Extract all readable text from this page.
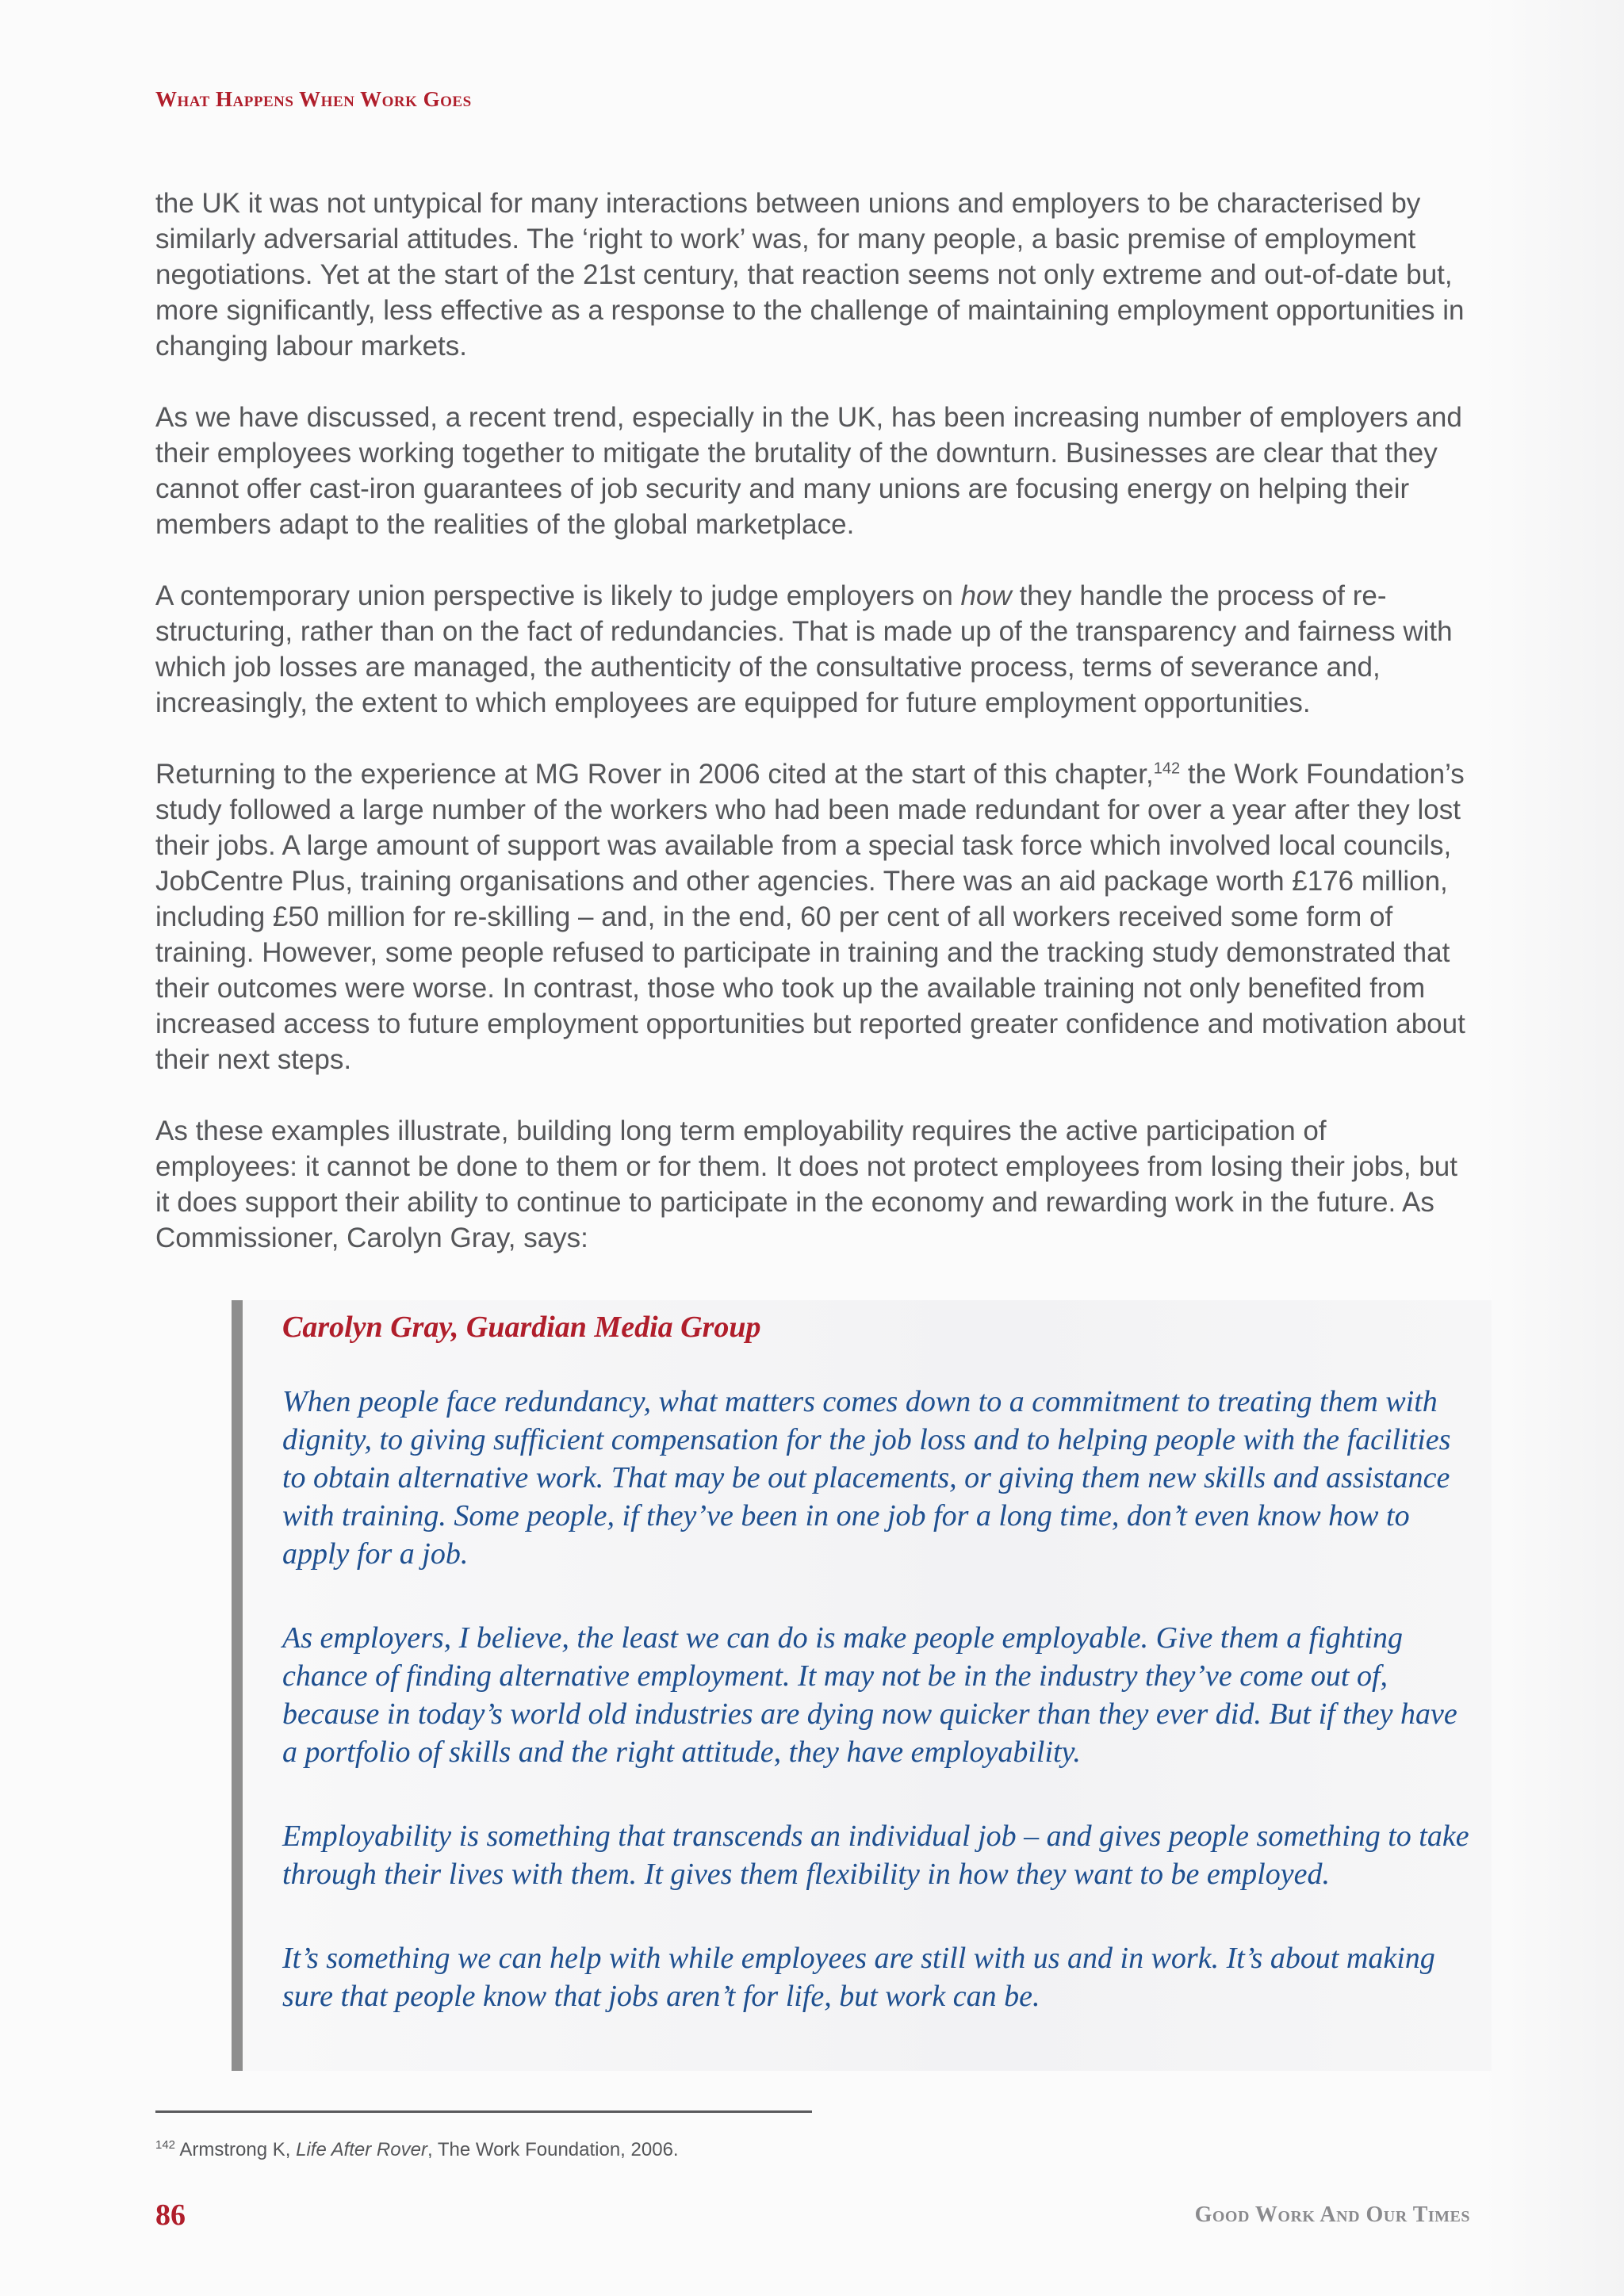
What Happens When Work Goes

the UK it was not untypical for many interactions between unions and employers to be characterised by similarly adversarial attitudes. The ‘right to work’ was, for many people, a basic premise of employment negotiations. Yet at the start of the 21st century, that reaction seems not only extreme and out-of-date but, more significantly, less effective as a response to the challenge of maintaining employment opportunities in changing labour markets.

As we have discussed, a recent trend, especially in the UK, has been increasing number of employers and their employees working together to mitigate the brutality of the downturn. Businesses are clear that they cannot offer cast-iron guarantees of job security and many unions are focusing energy on helping their members adapt to the realities of the global marketplace.

A contemporary union perspective is likely to judge employers on how they handle the process of re-structuring, rather than on the fact of redundancies. That is made up of the transparency and fairness with which job losses are managed, the authenticity of the consultative process, terms of severance and, increasingly, the extent to which employees are equipped for future employment opportunities.

Returning to the experience at MG Rover in 2006 cited at the start of this chapter,$^{142}$ the Work Foundation’s study followed a large number of the workers who had been made redundant for over a year after they lost their jobs. A large amount of support was available from a special task force which involved local councils, JobCentre Plus, training organisations and other agencies. There was an aid package worth £176 million, including £50 million for re-skilling – and, in the end, 60 per cent of all workers received some form of training. However, some people refused to participate in training and the tracking study demonstrated that their outcomes were worse. In contrast, those who took up the available training not only benefited from increased access to future employment opportunities but reported greater confidence and motivation about their next steps.

As these examples illustrate, building long term employability requires the active participation of employees: it cannot be done to them or for them. It does not protect employees from losing their jobs, but it does support their ability to continue to participate in the economy and rewarding work in the future. As Commissioner, Carolyn Gray, says:

Carolyn Gray, Guardian Media Group

When people face redundancy, what matters comes down to a commitment to treating them with dignity, to giving sufficient compensation for the job loss and to helping people with the facilities to obtain alternative work. That may be out placements, or giving them new skills and assistance with training. Some people, if they’ve been in one job for a long time, don’t even know how to apply for a job.

As employers, I believe, the least we can do is make people employable. Give them a fighting chance of finding alternative employment. It may not be in the industry they’ve come out of, because in today’s world old industries are dying now quicker than they ever did. But if they have a portfolio of skills and the right attitude, they have employability.

Employability is something that transcends an individual job – and gives people something to take through their lives with them. It gives them flexibility in how they want to be employed.

It’s something we can help with while employees are still with us and in work. It’s about making sure that people know that jobs aren’t for life, but work can be.

$^{142}$ Armstrong K, Life After Rover, The Work Foundation, 2006.
86	Good Work And Our Times
